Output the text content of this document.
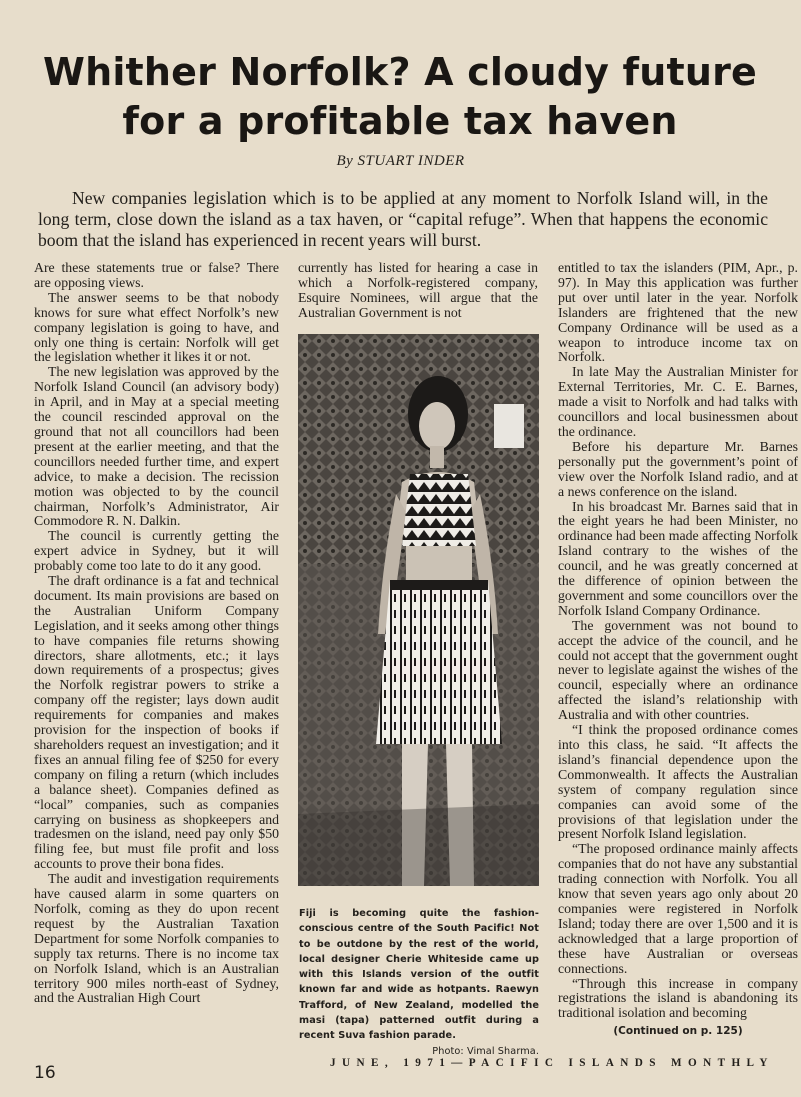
Whither Norfolk? A cloudy future
for a profitable tax haven
By STUART INDER
New companies legislation which is to be applied at any moment to Norfolk Island will, in the long term, close down the island as a tax haven, or “capital refuge”. When that happens the economic boom that the island has experienced in recent years will burst.

Are these statements true or false? There are opposing views.

The answer seems to be that nobody knows for sure what effect Norfolk’s new company legislation is going to have, and only one thing is certain: Norfolk will get the legislation whether it likes it or not.

The new legislation was approved by the Norfolk Island Council (an advisory body) in April, and in May at a special meeting the council rescinded approval on the ground that not all councillors had been present at the earlier meeting, and that the councillors needed further time, and expert advice, to make a decision. The recission motion was objected to by the council chairman, Norfolk’s Administrator, Air Commodore R. N. Dalkin.

The council is currently getting the expert advice in Sydney, but it will probably come too late to do it any good.

The draft ordinance is a fat and technical document. Its main provisions are based on the Australian Uniform Company Legislation, and it seeks among other things to have companies file returns showing directors, share allotments, etc.; it lays down requirements of a prospectus; gives the Norfolk registrar powers to strike a company off the register; lays down audit requirements for companies and makes provision for the inspection of books if shareholders request an investigation; and it fixes an annual filing fee of $250 for every company on filing a return (which includes a balance sheet). Companies defined as “local” companies, such as companies carrying on business as shopkeepers and tradesmen on the island, need pay only $50 filing fee, but must file profit and loss accounts to prove their bona fides.

The audit and investigation requirements have caused alarm in some quarters on Norfolk, coming as they do upon recent request by the Australian Taxation Department for some Norfolk companies to supply tax returns. There is no income tax on Norfolk Island, which is an Australian territory 900 miles north-east of Sydney, and the Australian High Court

currently has listed for hearing a case in which a Norfolk-registered company, Esquire Nominees, will argue that the Australian Government is not

Fiji is becoming quite the fashion-conscious centre of the South Pacific! Not to be outdone by the rest of the world, local designer Cherie Whiteside came up with this Islands version of the outfit known far and wide as hotpants. Raewyn Trafford, of New Zealand, modelled the masi (tapa) patterned outfit during a recent Suva fashion parade.
Photo: Vimal Sharma.

entitled to tax the islanders (PIM, Apr., p. 97). In May this application was further put over until later in the year. Norfolk Islanders are frightened that the new Company Ordinance will be used as a weapon to introduce income tax on Norfolk.

In late May the Australian Minister for External Territories, Mr. C. E. Barnes, made a visit to Norfolk and had talks with councillors and local businessmen about the ordinance.

Before his departure Mr. Barnes personally put the government’s point of view over the Norfolk Island radio, and at a news conference on the island.

In his broadcast Mr. Barnes said that in the eight years he had been Minister, no ordinance had been made affecting Norfolk Island contrary to the wishes of the council, and he was greatly concerned at the difference of opinion between the government and some councillors over the Norfolk Island Company Ordinance.

The government was not bound to accept the advice of the council, and he could not accept that the government ought never to legislate against the wishes of the council, especially where an ordinance affected the island’s relationship with Australia and with other countries.

“I think the proposed ordinance comes into this class, he said. “It affects the island’s financial dependence upon the Commonwealth. It affects the Australian system of company regulation since companies can avoid some of the provisions of that legislation under the present Norfolk Island legislation.

“The proposed ordinance mainly affects companies that do not have any substantial trading connection with Norfolk. You all know that seven years ago only about 20 companies were registered in Norfolk Island; today there are over 1,500 and it is acknowledged that a large proportion of these have Australian or overseas connections.

“Through this increase in company registrations the island is abandoning its traditional isolation and becoming

(Continued on p. 125)
16	JUNE, 1971—PACIFIC ISLANDS MONTHLY
